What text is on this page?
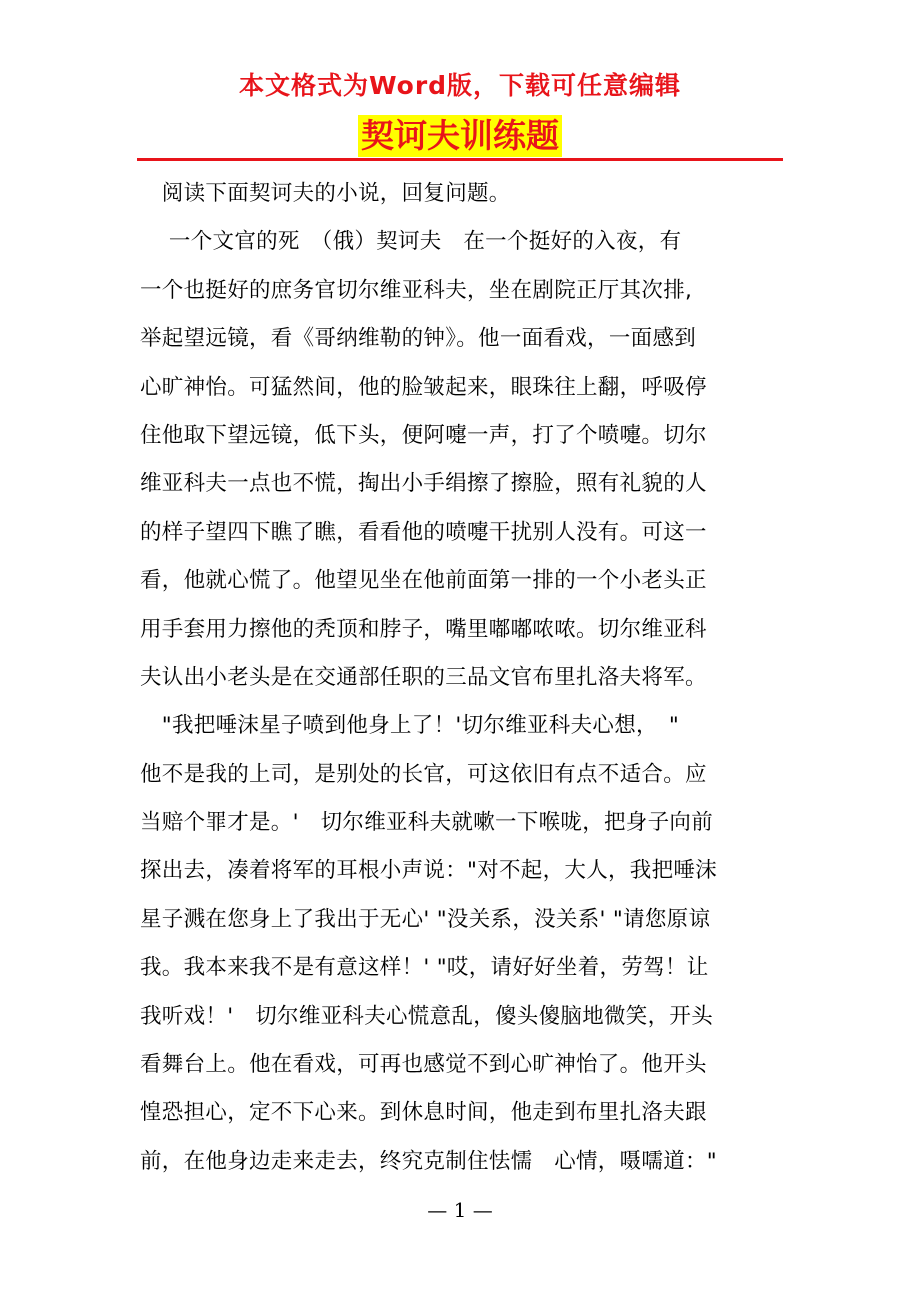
本文格式为Word版，下载可任意编辑
契诃夫训练题
　阅读下面契诃夫的小说，回复问题。
　 一个文官的死　（俄）契诃夫　在一个挺好的入夜，有
一个也挺好的庶务官切尔维亚科夫，坐在剧院正厅其次排,
举起望远镜，看《哥纳维勒的钟》。他一面看戏，一面感到
心旷神怡。可猛然间，他的脸皱起来，眼珠往上翻，呼吸停
住他取下望远镜，低下头，便阿嚏一声，打了个喷嚏。切尔
维亚科夫一点也不慌，掏出小手绢擦了擦脸，照有礼貌的人
的样子望四下瞧了瞧，看看他的喷嚏干扰别人没有。可这一
看，他就心慌了。他望见坐在他前面第一排的一个小老头正
用手套用力擦他的秃顶和脖子，嘴里嘟嘟哝哝。切尔维亚科
夫认出小老头是在交通部任职的三品文官布里扎洛夫将军。
　"我把唾沫星子喷到他身上了！'切尔维亚科夫心想，　"
他不是我的上司，是别处的长官，可这依旧有点不适合。应
当赔个罪才是。'　切尔维亚科夫就嗽一下喉咙，把身子向前
探出去，凑着将军的耳根小声说："对不起，大人，我把唾沫
星子溅在您身上了我出于无心' "没关系，没关系' "请您原谅
我。我本来我不是有意这样！' "哎，请好好坐着，劳驾！让
我听戏！'　切尔维亚科夫心慌意乱，傻头傻脑地微笑，开头
看舞台上。他在看戏，可再也感觉不到心旷神怡了。他开头
惶恐担心，定不下心来。到休息时间，他走到布里扎洛夫跟
前，在他身边走来走去，终究克制住怯懦　心情，嗫嚅道："
— 1 —
